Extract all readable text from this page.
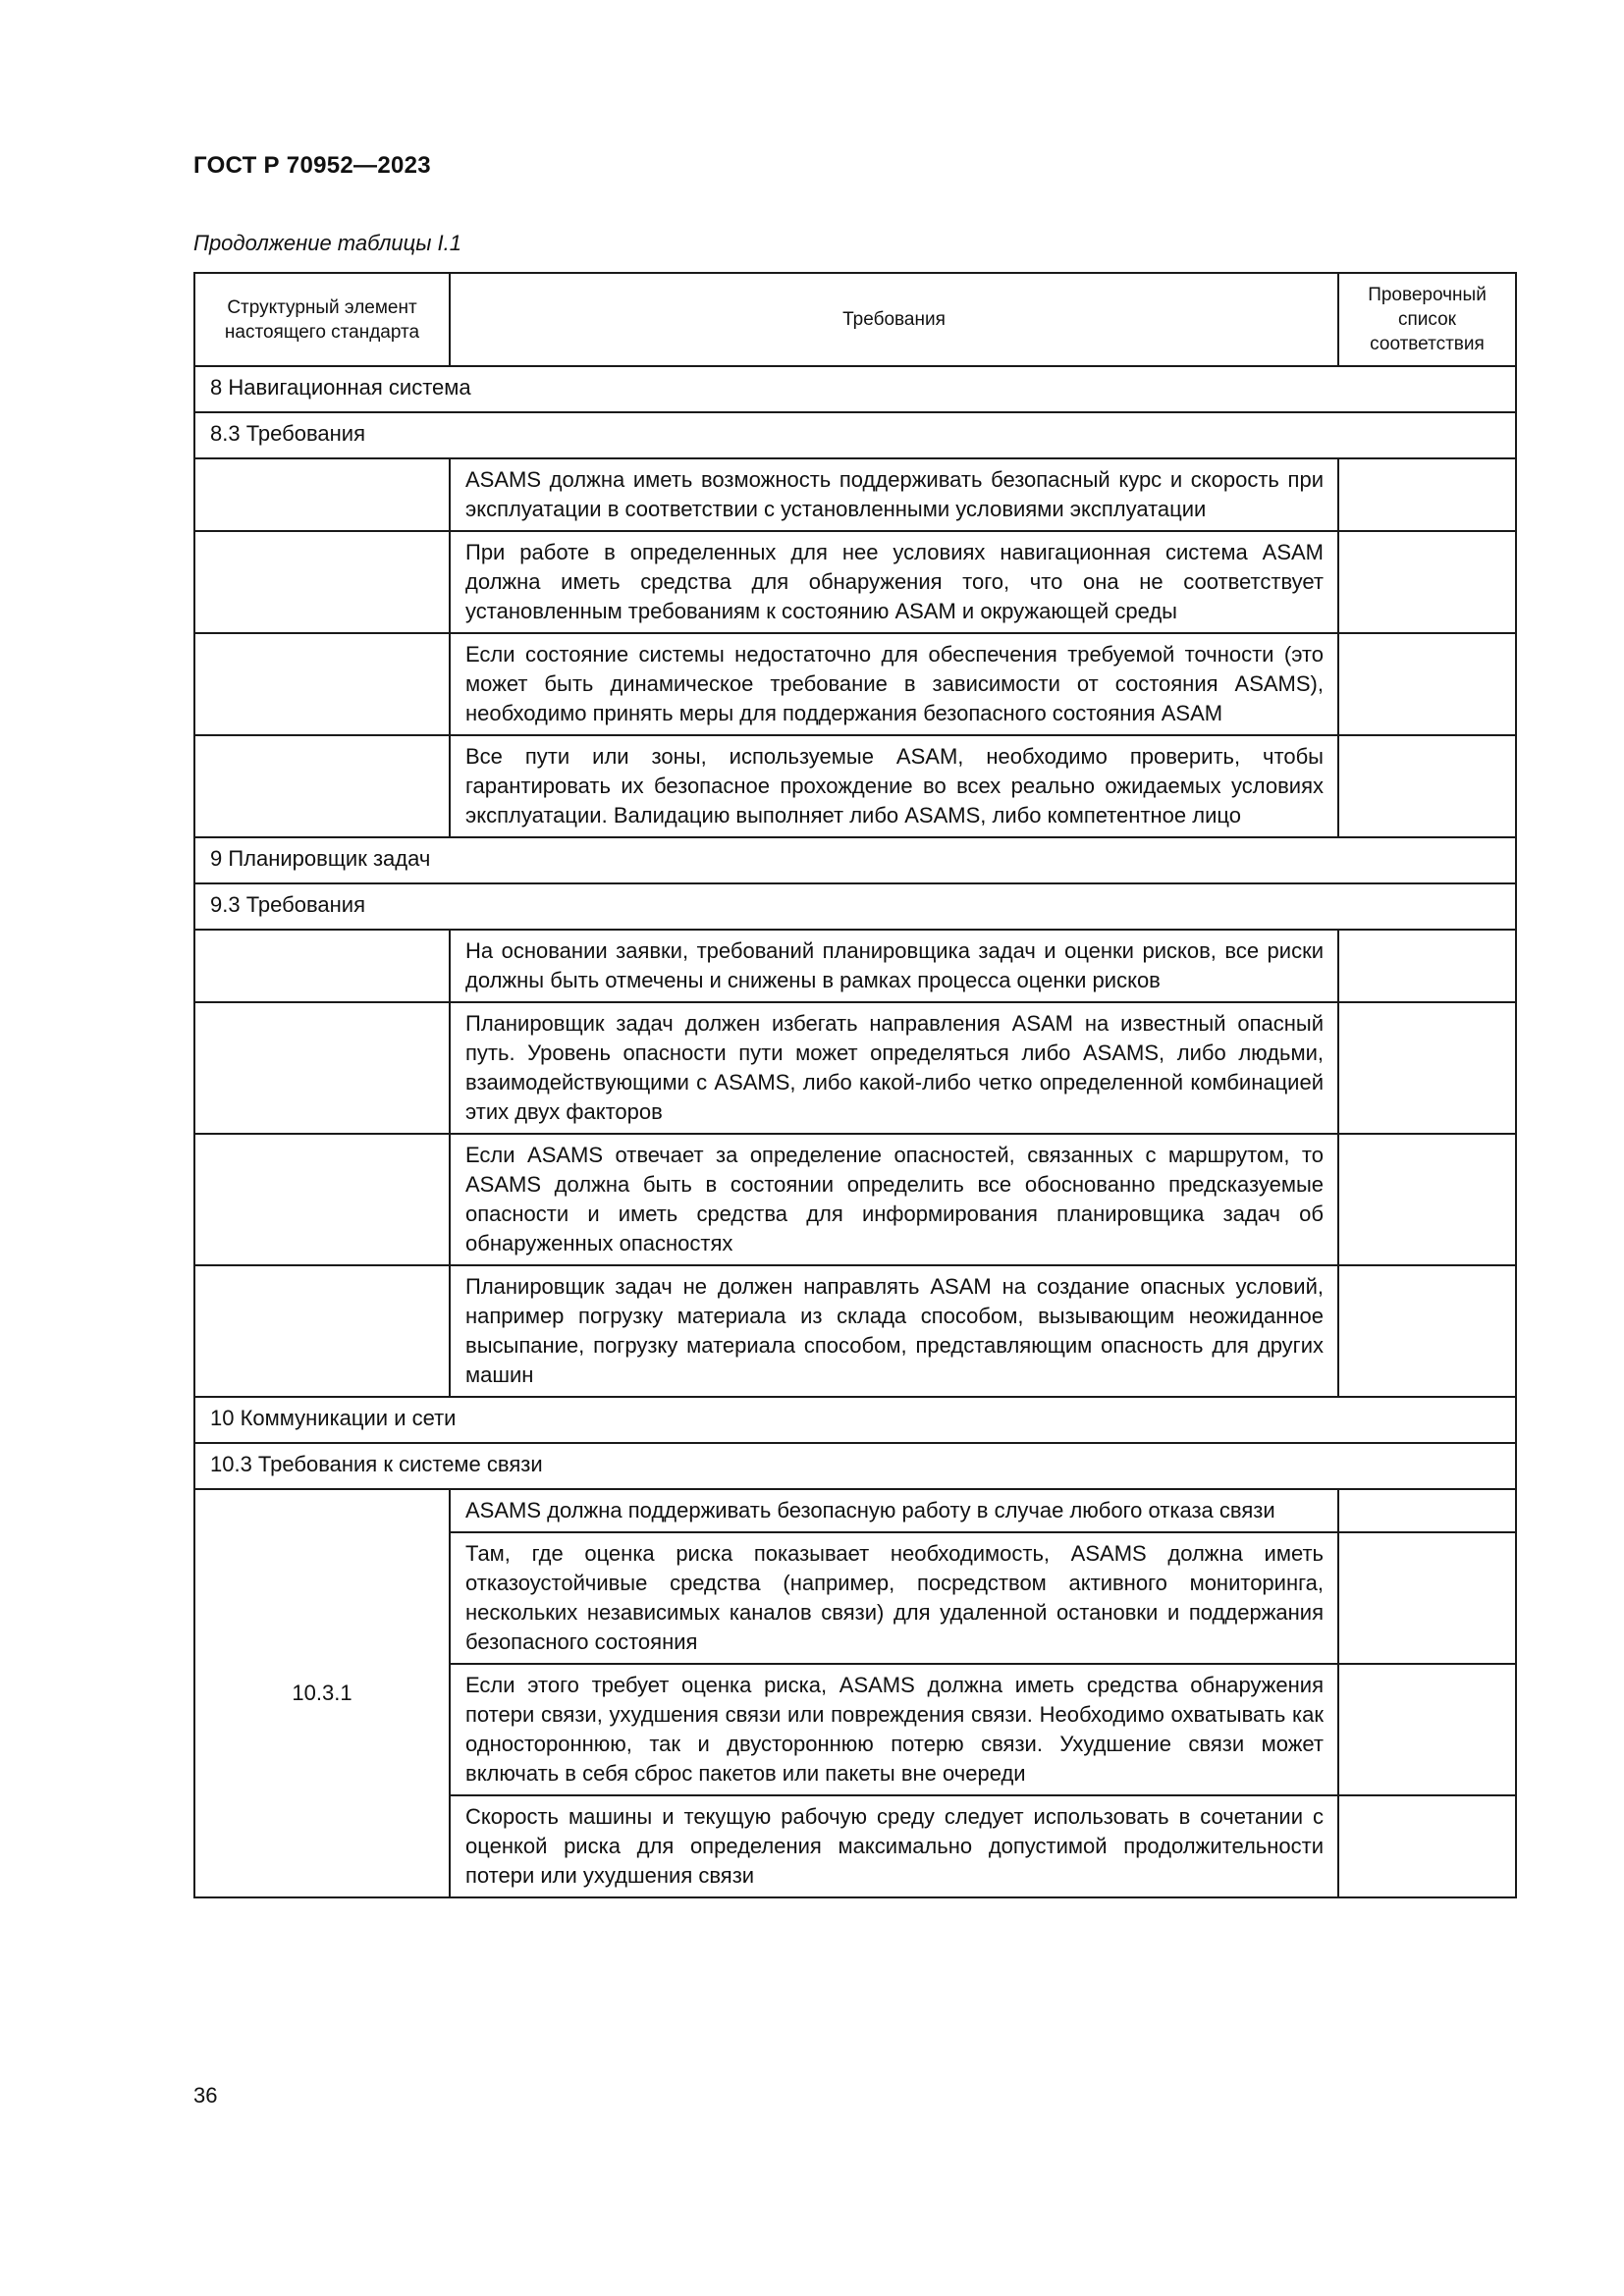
ГОСТ Р 70952—2023
Продолжение таблицы I.1
Структурный элемент настоящего стандарта	Требования	Проверочный список соответствия
8 Навигационная система		
8.3 Требования		
	ASAMS должна иметь возможность поддерживать безопасный курс и скорость при эксплуатации в соответствии с установленными условиями эксплуатации	
	При работе в определенных для нее условиях навигационная система ASAM должна иметь средства для обнаружения того, что она не соответствует установленным требованиям к состоянию ASAM и окружающей среды	
	Если состояние системы недостаточно для обеспечения требуемой точности (это может быть динамическое требование в зависимости от состояния ASAMS), необходимо принять меры для поддержания безопасного состояния ASAM	
	Все пути или зоны, используемые ASAM, необходимо проверить, чтобы гарантировать их безопасное прохождение во всех реально ожидаемых условиях эксплуатации. Валидацию выполняет либо ASAMS, либо компетентное лицо	
9 Планировщик задач		
9.3 Требования		
	На основании заявки, требований планировщика задач и оценки рисков, все риски должны быть отмечены и снижены в рамках процесса оценки рисков	
	Планировщик задач должен избегать направления ASAM на известный опасный путь. Уровень опасности пути может определяться либо ASAMS, либо людьми, взаимодействующими с ASAMS, либо какой-либо четко определенной комбинацией этих двух факторов	
	Если ASAMS отвечает за определение опасностей, связанных с маршрутом, то ASAMS должна быть в состоянии определить все обоснованно предсказуемые опасности и иметь средства для информирования планировщика задач об обнаруженных опасностях	
	Планировщик задач не должен направлять ASAM на создание опасных условий, например погрузку материала из склада способом, вызывающим неожиданное высыпание, погрузку материала способом, представляющим опасность для других машин	
10 Коммуникации и сети		
10.3 Требования к системе связи		
10.3.1	ASAMS должна поддерживать безопасную работу в случае любого отказа связи	
	Там, где оценка риска показывает необходимость, ASAMS должна иметь отказоустойчивые средства (например, посредством активного мониторинга, нескольких независимых каналов связи) для удаленной остановки и поддержания безопасного состояния	
	Если этого требует оценка риска, ASAMS должна иметь средства обнаружения потери связи, ухудшения связи или повреждения связи. Необходимо охватывать как одностороннюю, так и двустороннюю потерю связи. Ухудшение связи может включать в себя сброс пакетов или пакеты вне очереди	
	Скорость машины и текущую рабочую среду следует использовать в сочетании с оценкой риска для определения максимально допустимой продолжительности потери или ухудшения связи	
36
